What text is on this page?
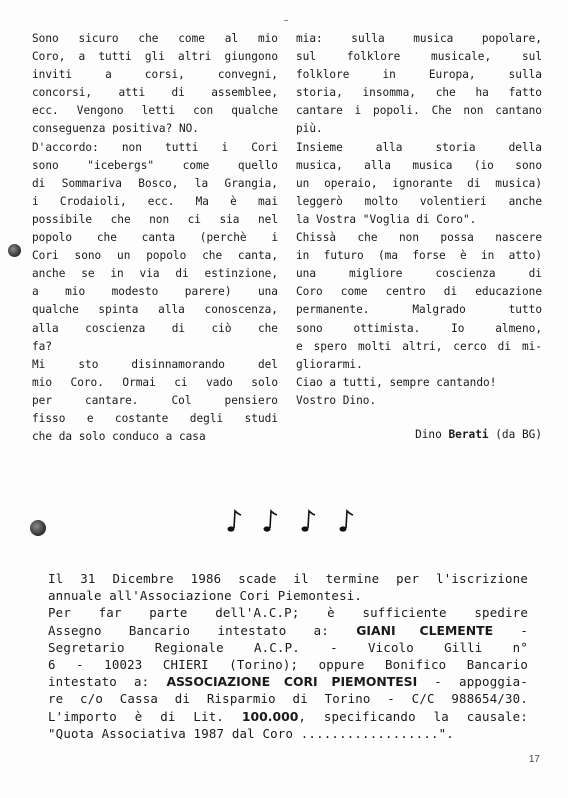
Sono sicuro che come al mio
Coro, a tutti gli altri giungono
inviti a corsi, convegni,
concorsi, atti di assemblee,
ecc. Vengono letti con qualche
conseguenza positiva? NO.
D'accordo: non tutti i Cori
sono "icebergs" come quello
di Sommariva Bosco, la Grangia,
i Crodaioli, ecc. Ma è mai
possibile che non ci sia nel
popolo che canta (perchè i
Cori sono un popolo che canta,
anche se in via di estinzione,
a mio modesto parere) una
qualche spinta alla conoscenza,
alla coscienza di ciò che
fa?
Mi sto disinnamorando del
mio Coro. Ormai ci vado solo
per cantare. Col pensiero
fisso e costante degli studi
che da solo conduco a casa
mia: sulla musica popolare,
sul folklore musicale, sul
folklore in Europa, sulla
storia, insomma, che ha fatto
cantare i popoli. Che non cantano
più.
Insieme alla storia della
musica, alla musica (io sono
un operaio, ignorante di musica)
leggerò molto volentieri anche
la Vostra "Voglia di Coro".
Chissà che non possa nascere
in futuro (ma forse è in atto)
una migliore coscienza di
Coro come centro di educazione
permanente. Malgrado tutto
sono ottimista. Io almeno,
e spero molti altri, cerco di mi-
gliorarmi.
Ciao a tutti, sempre cantando!
Vostro Dino.
Dino Berati (da BG)
Il 31 Dicembre 1986 scade il termine per l'iscrizione
annuale all'Associazione Cori Piemontesi.
Per far parte dell'A.C.P; è sufficiente spedire
Assegno Bancario intestato a: GIANI CLEMENTE -
Segretario Regionale A.C.P. - Vicolo Gilli n°
6 - 10023 CHIERI (Torino); oppure Bonifico Bancario
intestato a: ASSOCIAZIONE CORI PIEMONTESI - appoggia-
re c/o Cassa di Risparmio di Torino - C/C 988654/30.
L'importo è di Lit. 100.000, specificando la causale:
"Quota Associativa 1987 dal Coro ..................".
17
